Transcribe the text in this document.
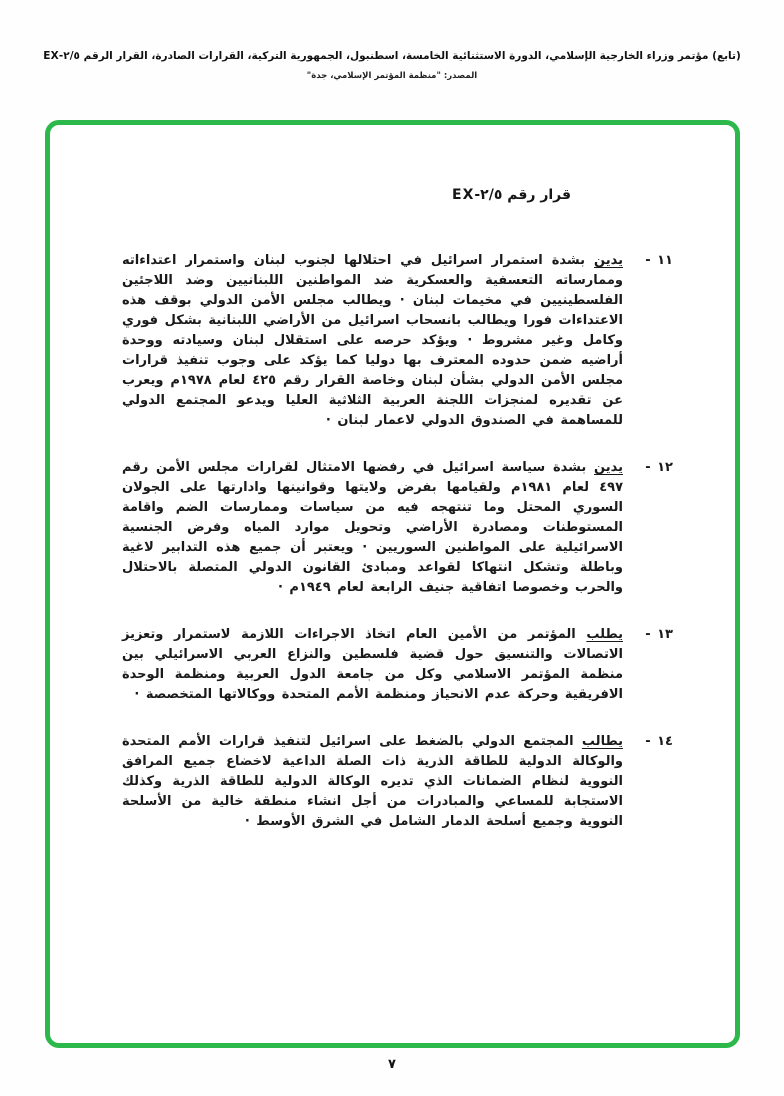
(تابع) مؤتمر وزراء الخارجية الإسلامي، الدورة الاستثنائية الخامسة، اسطنبول، الجمهورية التركية، القرارات الصادرة، القرار الرقم ٢/٥-EX
المصدر: "منظمة المؤتمر الإسلامي، جدة"
قرار رقم ٢/٥-EX
١١ -
يدين بشدة استمرار اسرائيل في احتلالها لجنوب لبنان واستمرار اعتداءاته وممارساته التعسفية والعسكرية ضد المواطنين اللبنانيين وضد اللاجئين الفلسطينيين في مخيمات لبنان · ويطالب مجلس الأمن الدولي بوقف هذه الاعتداءات فورا ويطالب بانسحاب اسرائيل من الأراضي اللبنانية بشكل فوري وكامل وغير مشروط · ويؤكد حرصه على استقلال لبنان وسيادته ووحدة أراضيه ضمن حدوده المعترف بها دوليا كما يؤكد على وجوب تنفيذ قرارات مجلس الأمن الدولي بشأن لبنان وخاصة القرار رقم ٤٢٥ لعام ١٩٧٨م ويعرب عن تقديره لمنجزات اللجنة العربية الثلاثية العليا ويدعو المجتمع الدولي للمساهمة في الصندوق الدولي لاعمار لبنان ·
١٢ -
يدين بشدة سياسة اسرائيل في رفضها الامتثال لقرارات مجلس الأمن رقم ٤٩٧ لعام ١٩٨١م ولقيامها بفرض ولايتها وقوانينها وادارتها على الجولان السوري المحتل وما تنتهجه فيه من سياسات وممارسات الضم واقامة المستوطنات ومصادرة الأراضي وتحويل موارد المياه وفرض الجنسية الاسرائيلية على المواطنين السوريين · ويعتبر أن جميع هذه التدابير لاغية وباطلة وتشكل انتهاكا لقواعد ومبادئ القانون الدولي المتصلة بالاحتلال والحرب وخصوصا اتفاقية جنيف الرابعة لعام ١٩٤٩م ·
١٣ -
يطلب المؤتمر من الأمين العام اتخاذ الاجراءات اللازمة لاستمرار وتعزيز الاتصالات والتنسيق حول قضية فلسطين والنزاع العربي الاسرائيلي بين منظمة المؤتمر الاسلامي وكل من جامعة الدول العربية ومنظمة الوحدة الافريقية وحركة عدم الانحياز ومنظمة الأمم المتحدة ووكالاتها المتخصصة ·
١٤ -
يطالب المجتمع الدولي بالضغط على اسرائيل لتنفيذ قرارات الأمم المتحدة والوكالة الدولية للطاقة الذرية ذات الصلة الداعية لاخضاع جميع المرافق النووية لنظام الضمانات الذي تديره الوكالة الدولية للطاقة الذرية وكذلك الاستجابة للمساعي والمبادرات من أجل انشاء منطقة خالية من الأسلحة النووية وجميع أسلحة الدمار الشامل في الشرق الأوسط ·
٧
